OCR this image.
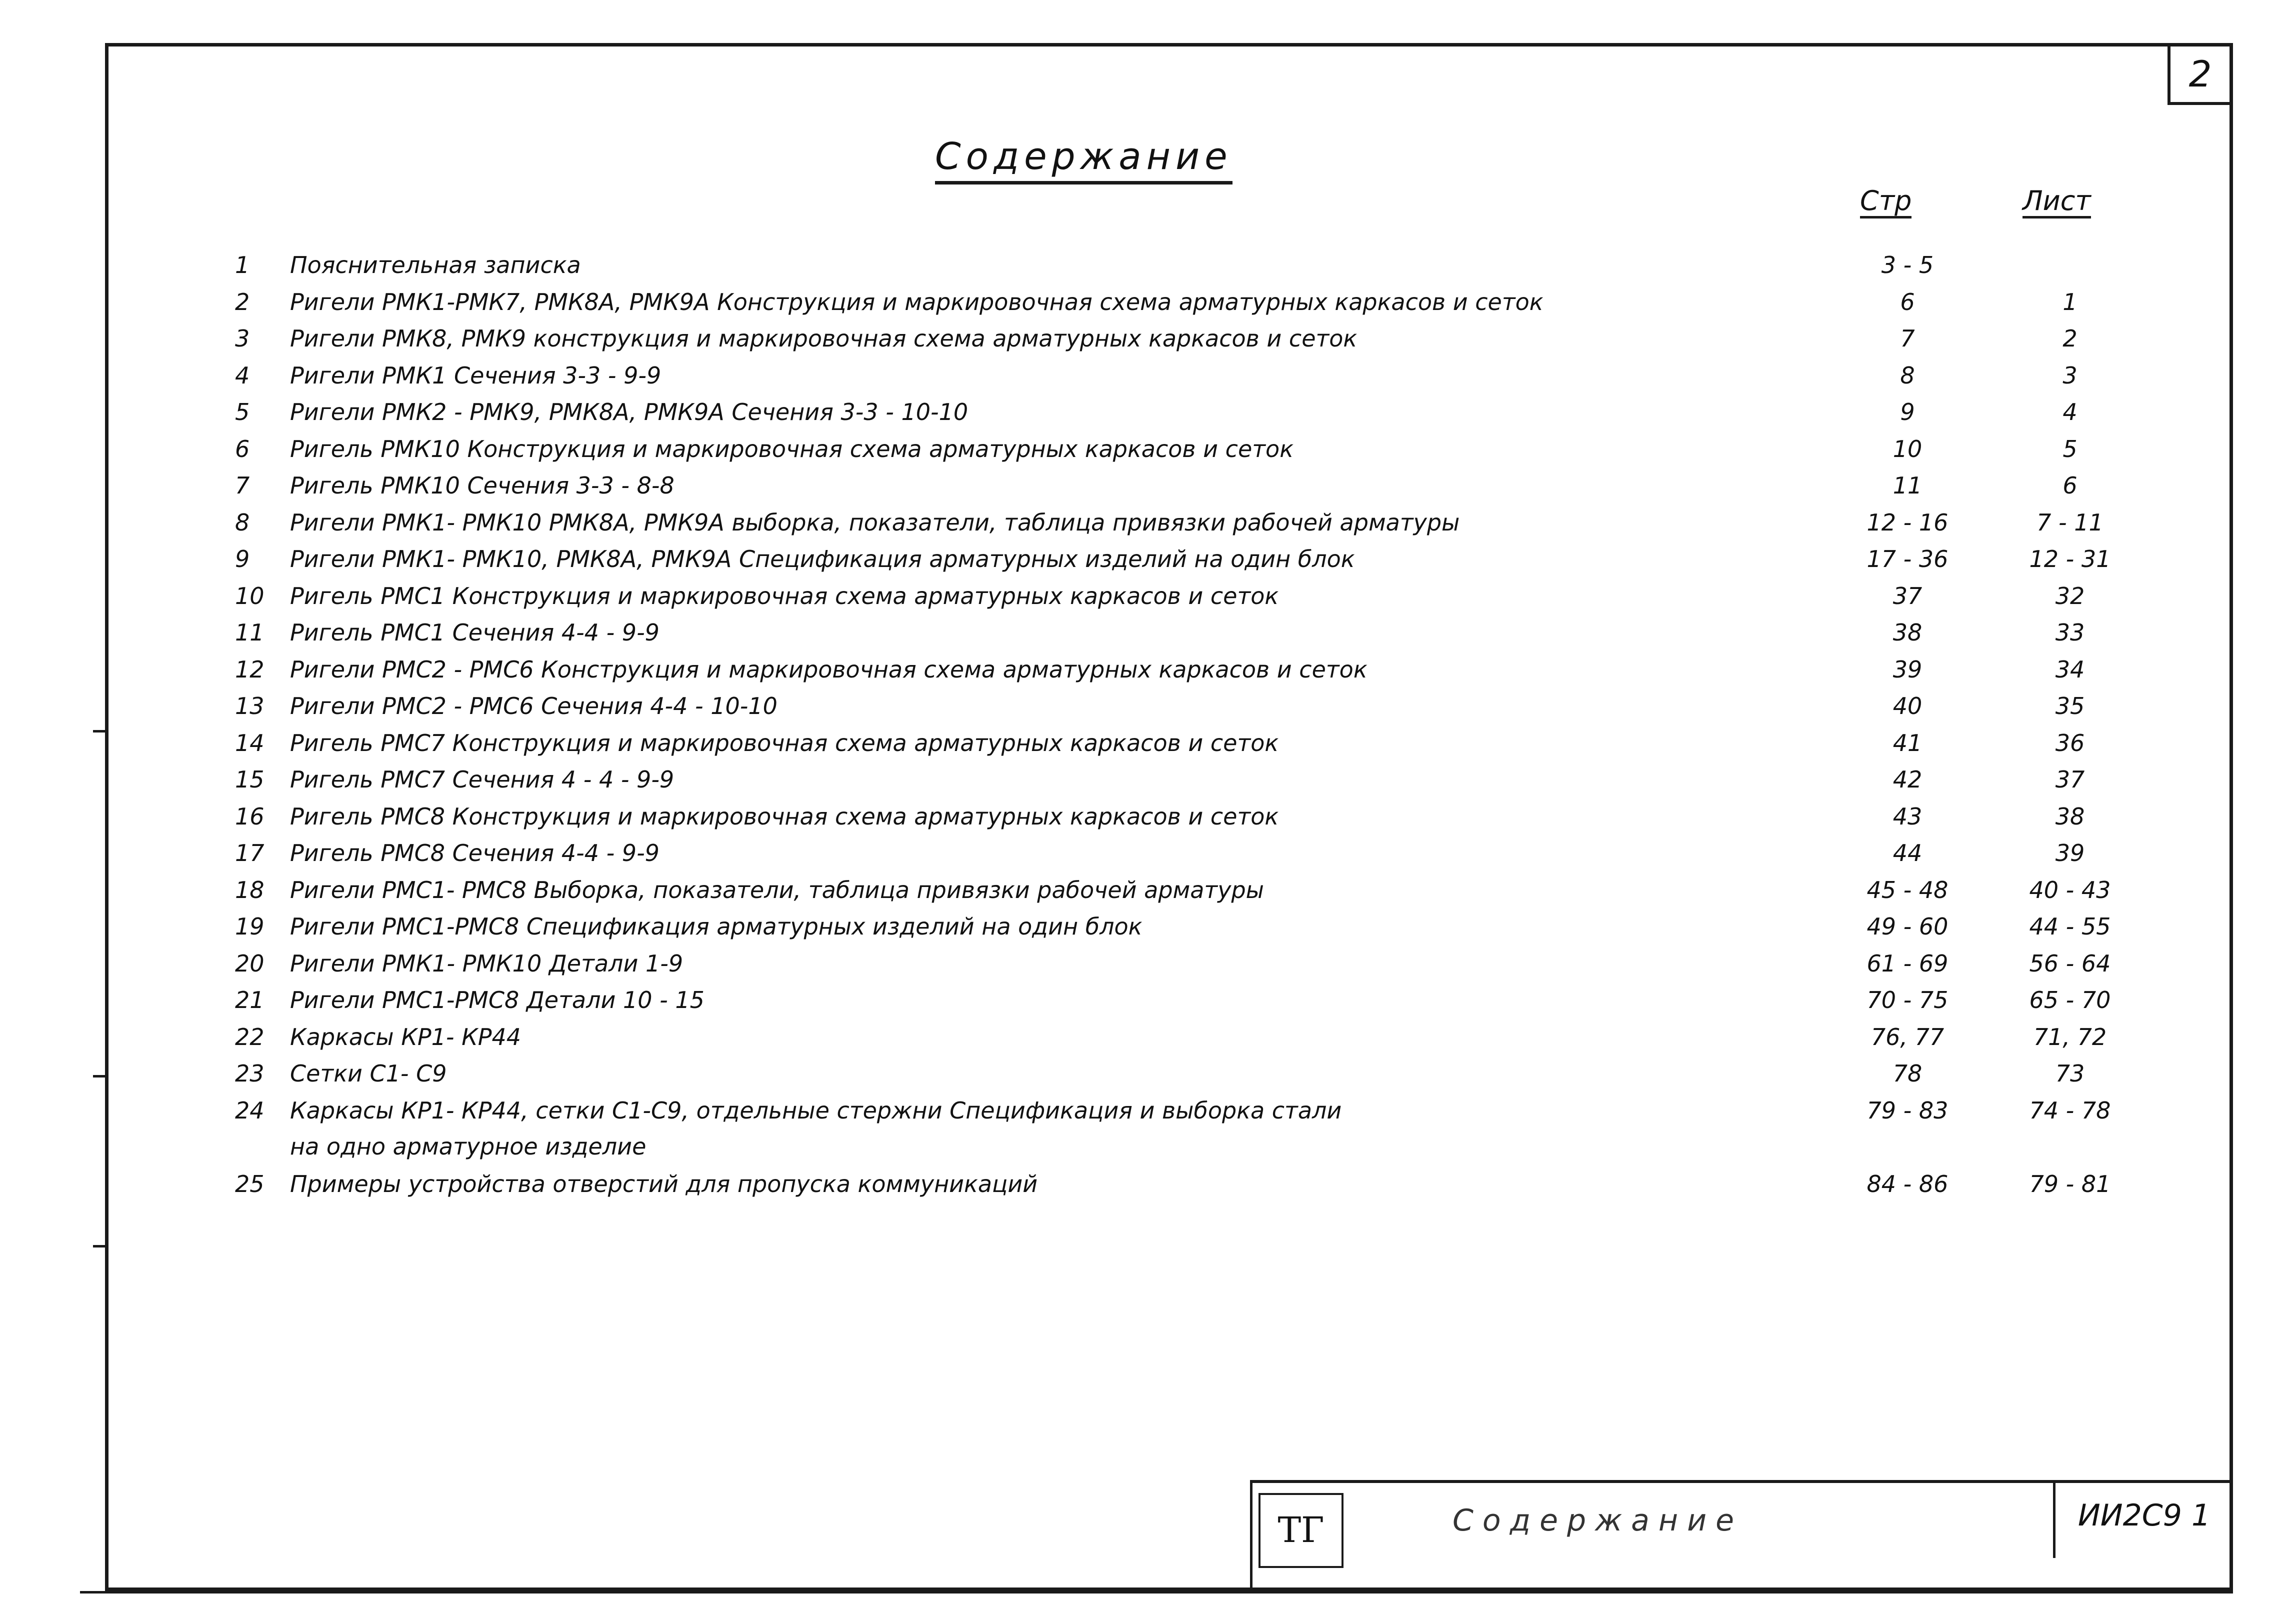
2
Содержание
Стр	Лист
1	Пояснительная записка	3 - 5
2	Ригели РМК1-РМК7, РМК8А, РМК9А Конструкция и маркировочная схема арматурных каркасов и сеток	6	1
3	Ригели РМК8, РМК9 конструкция и маркировочная схема арматурных каркасов и сеток	7	2
4	Ригели РМК1 Сечения 3-3 - 9-9	8	3
5	Ригели РМК2 - РМК9, РМК8А, РМК9А Сечения 3-3 - 10-10	9	4
6	Ригель РМК10 Конструкция и маркировочная схема арматурных каркасов и сеток	10	5
7	Ригель РМК10 Сечения 3-3 - 8-8	11	6
8	Ригели РМК1- РМК10 РМК8А, РМК9А выборка, показатели, таблица привязки рабочей арматуры	12 - 16	7 - 11
9	Ригели РМК1- РМК10, РМК8А, РМК9А Спецификация арматурных изделий на один блок	17 - 36	12 - 31
10 Ригель РМС1 Конструкция и маркировочная схема арматурных каркасов и сеток	37	32
11 Ригель РМС1 Сечения 4-4 - 9-9	38	33
12 Ригели РМС2 - РМС6 Конструкция и маркировочная схема арматурных каркасов и сеток	39	34
13 Ригели РМС2 - РМС6 Сечения 4-4 - 10-10	40	35
14 Ригель РМС7 Конструкция и маркировочная схема арматурных каркасов и сеток	41	36
15 Ригель РМС7 Сечения 4 - 4 - 9-9	42	37
16 Ригель РМС8 Конструкция и маркировочная схема арматурных каркасов и сеток	43	38
17 Ригель РМС8 Сечения 4-4 - 9-9	44	39
18 Ригели РМС1- РМС8 Выборка, показатели, таблица привязки рабочей арматуры	45 - 48	40 - 43
19 Ригели РМС1-РМС8 Спецификация арматурных изделий на один блок	49 - 60	44 - 55
20 Ригели РМК1- РМК10 Детали 1-9	61 - 69	56 - 64
21 Ригели РМС1-РМС8 Детали 10 - 15	70 - 75	65 - 70
22 Каркасы КР1- КР44	76, 77	71, 72
23 Сетки С1- С9	78	73
24 Каркасы КР1- КР44, сетки С1-С9, отдельные стержни Спецификация и выборка стали	79 - 83	74 - 78
на одно арматурное изделие
25 Примеры устройства отверстий для пропуска коммуникаций	84 - 86	79 - 81
ТГ	Содержание	ИИ2С9 1
